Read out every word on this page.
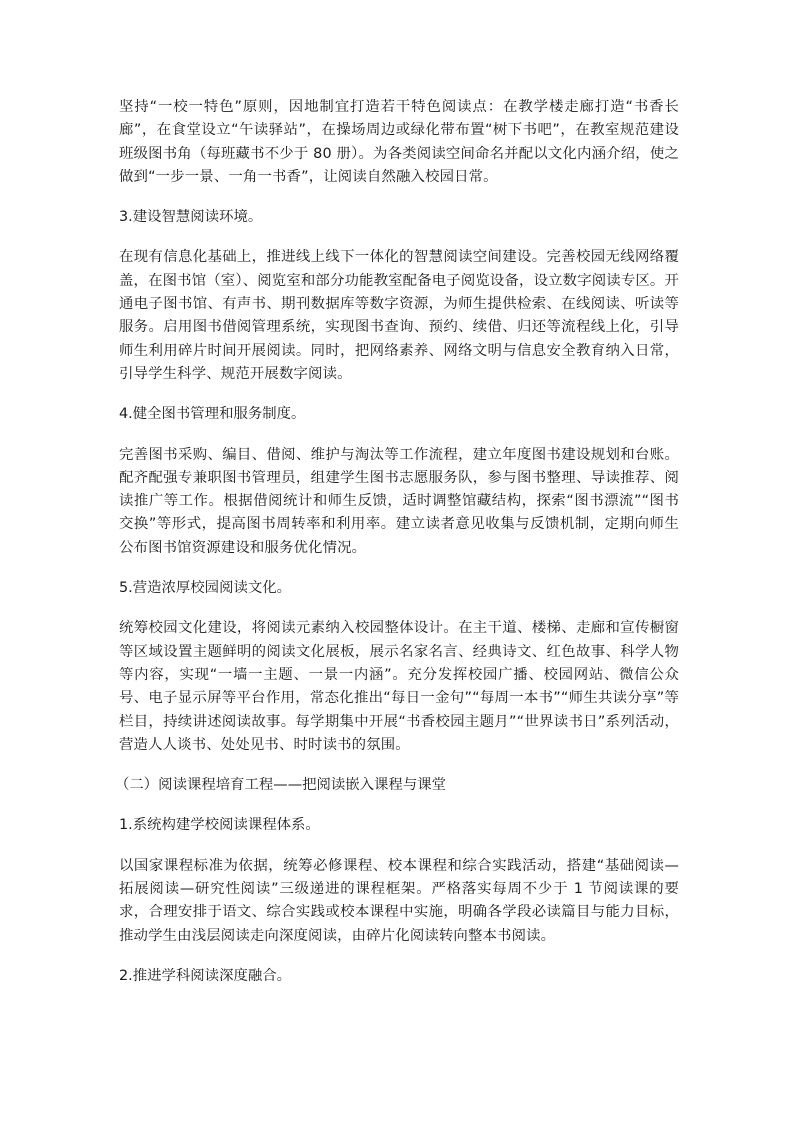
坚持“一校一特色”原则，因地制宜打造若干特色阅读点：在教学楼走廊打造“书香长廊”，在食堂设立“午读驿站”，在操场周边或绿化带布置“树下书吧”，在教室规范建设班级图书角（每班藏书不少于 80 册）。为各类阅读空间命名并配以文化内涵介绍，使之做到“一步一景、一角一书香”，让阅读自然融入校园日常。

3.建设智慧阅读环境。

在现有信息化基础上，推进线上线下一体化的智慧阅读空间建设。完善校园无线网络覆盖，在图书馆（室）、阅览室和部分功能教室配备电子阅览设备，设立数字阅读专区。开通电子图书馆、有声书、期刊数据库等数字资源，为师生提供检索、在线阅读、听读等服务。启用图书借阅管理系统，实现图书查询、预约、续借、归还等流程线上化，引导师生利用碎片时间开展阅读。同时，把网络素养、网络文明与信息安全教育纳入日常，引导学生科学、规范开展数字阅读。

4.健全图书管理和服务制度。

完善图书采购、编目、借阅、维护与淘汰等工作流程，建立年度图书建设规划和台账。配齐配强专兼职图书管理员，组建学生图书志愿服务队，参与图书整理、导读推荐、阅读推广等工作。根据借阅统计和师生反馈，适时调整馆藏结构，探索“图书漂流”“图书交换”等形式，提高图书周转率和利用率。建立读者意见收集与反馈机制，定期向师生公布图书馆资源建设和服务优化情况。

5.营造浓厚校园阅读文化。

统筹校园文化建设，将阅读元素纳入校园整体设计。在主干道、楼梯、走廊和宣传橱窗等区域设置主题鲜明的阅读文化展板，展示名家名言、经典诗文、红色故事、科学人物等内容，实现“一墙一主题、一景一内涵”。充分发挥校园广播、校园网站、微信公众号、电子显示屏等平台作用，常态化推出“每日一金句”“每周一本书”“师生共读分享”等栏目，持续讲述阅读故事。每学期集中开展“书香校园主题月”“世界读书日”系列活动，营造人人谈书、处处见书、时时读书的氛围。

（二）阅读课程培育工程——把阅读嵌入课程与课堂

1.系统构建学校阅读课程体系。

以国家课程标准为依据，统筹必修课程、校本课程和综合实践活动，搭建“基础阅读—拓展阅读—研究性阅读”三级递进的课程框架。严格落实每周不少于 1 节阅读课的要求，合理安排于语文、综合实践或校本课程中实施，明确各学段必读篇目与能力目标，推动学生由浅层阅读走向深度阅读，由碎片化阅读转向整本书阅读。

2.推进学科阅读深度融合。
